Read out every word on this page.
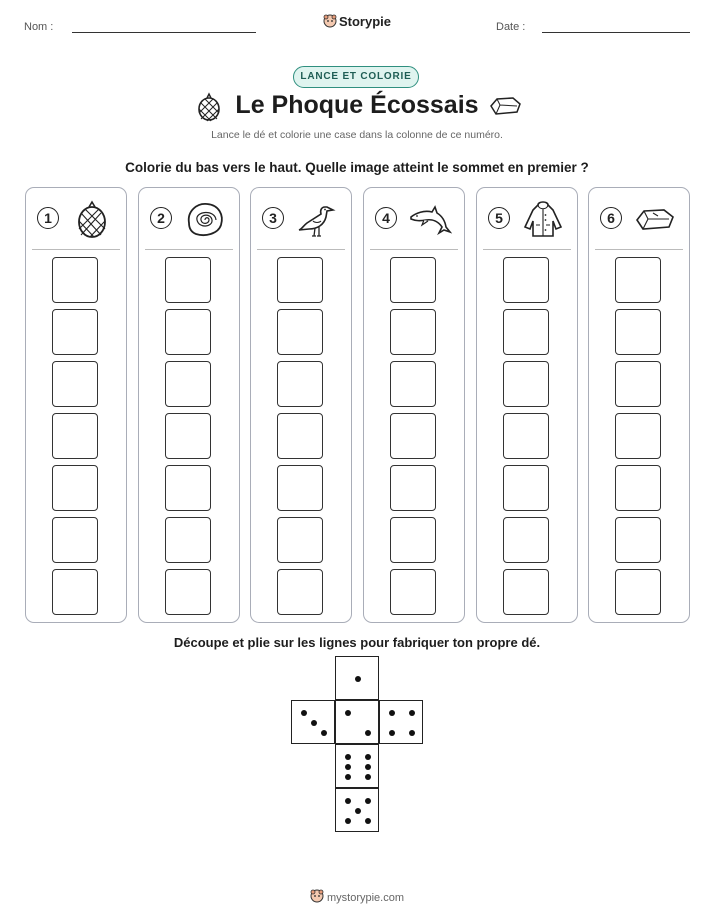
Nom :	Storypie	Date :
LANCE ET COLORIE
Le Phoque Écossais
Lance le dé et colorie une case dans la colonne de ce numéro.
Colorie du bas vers le haut. Quelle image atteint le sommet en premier ?
1	2	3	4	5	6
Découpe et plie sur les lignes pour fabriquer ton propre dé.
mystorypie.com
